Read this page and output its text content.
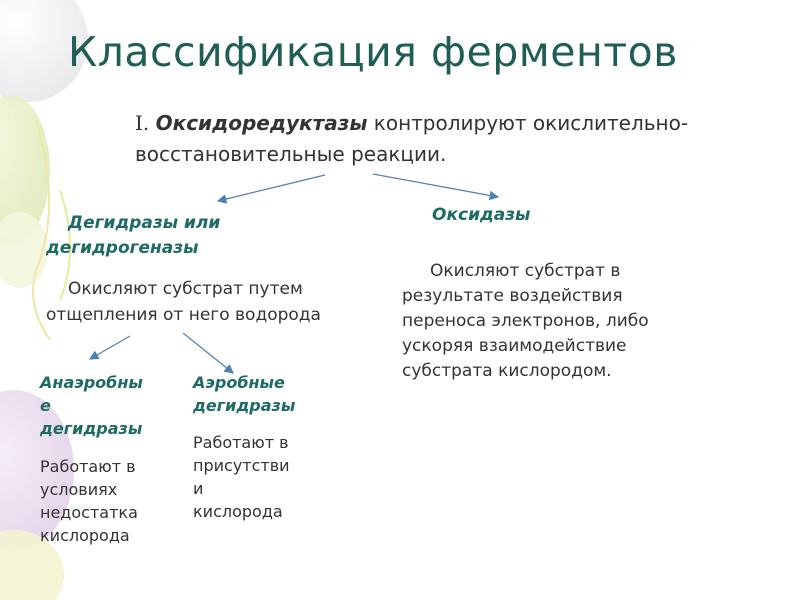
Классификация ферментов
I. Оксидоредуктазы контролируют окислительно-восстановительные реакции.
Дегидразы или
дегидрогеназы
Окисляют субстрат путем
отщепления от него водорода
Оксидазы
Окисляют субстрат в
результате воздействия
переноса электронов, либо
ускоряя взаимодействие
субстрата кислородом.
Анаэробны
е
дегидразы
Работают в
условиях
недостатка
кислорода
Аэробные
дегидразы
Работают в
присутстви
и
кислорода
